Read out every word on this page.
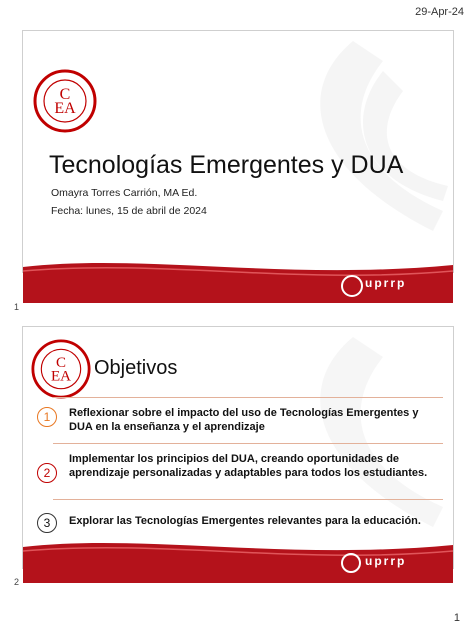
29-Apr-24
C
EA
Tecnologías Emergentes y DUA
Omayra Torres Carrión, MA Ed.
Fecha: lunes, 15 de abril de 2024
uprrp
1
C
EA Objetivos
1	Reflexionar sobre el impacto del uso de Tecnologías Emergentes y DUA en la enseñanza y el aprendizaje
2
Implementar los principios del DUA, creando oportunidades de aprendizaje personalizadas y adaptables para todos los estudiantes.
3	Explorar las Tecnologías Emergentes relevantes para la educación.
uprrp
2
1
